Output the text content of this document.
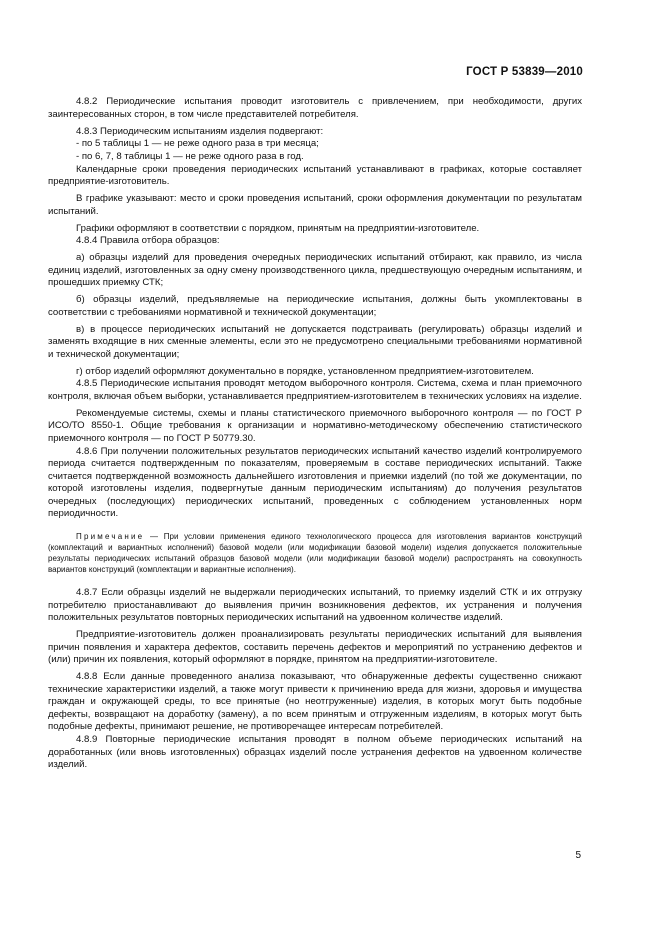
ГОСТ Р 53839—2010

4.8.2 Периодические испытания проводит изготовитель с привлечением, при необходимости, других заинтересованных сторон, в том числе представителей потребителя.

4.8.3 Периодическим испытаниям изделия подвергают:

- по 5 таблицы 1 — не реже одного раза в три месяца;

- по 6, 7, 8 таблицы 1 — не реже одного раза в год.

Календарные сроки проведения периодических испытаний устанавливают в графиках, которые составляет предприятие-изготовитель.

В графике указывают: место и сроки проведения испытаний, сроки оформления документации по результатам испытаний.

Графики оформляют в соответствии с порядком, принятым на предприятии-изготовителе.

4.8.4 Правила отбора образцов:

а) образцы изделий для проведения очередных периодических испытаний отбирают, как правило, из числа единиц изделий, изготовленных за одну смену производственного цикла, предшествующую очередным испытаниям, и прошедших приемку СТК;

б) образцы изделий, предъявляемые на периодические испытания, должны быть укомплектованы в соответствии с требованиями нормативной и технической документации;

в) в процессе периодических испытаний не допускается подстраивать (регулировать) образцы изделий и заменять входящие в них сменные элементы, если это не предусмотрено специальными требованиями нормативной и технической документации;

г) отбор изделий оформляют документально в порядке, установленном предприятием-изготовителем.

4.8.5 Периодические испытания проводят методом выборочного контроля. Система, схема и план приемочного контроля, включая объем выборки, устанавливается предприятием-изготовителем в технических условиях на изделие.

Рекомендуемые системы, схемы и планы статистического приемочного выборочного контроля — по ГОСТ Р ИСО/ТО 8550-1. Общие требования к организации и нормативно-методическому обеспечению статистического приемочного контроля — по ГОСТ Р 50779.30.

4.8.6 При получении положительных результатов периодических испытаний качество изделий контролируемого периода считается подтвержденным по показателям, проверяемым в составе периодических испытаний. Также считается подтвержденной возможность дальнейшего изготовления и приемки изделий (по той же документации, по которой изготовлены изделия, подвергнутые данным периодическим испытаниям) до получения результатов очередных (последующих) периодических испытаний, проведенных с соблюдением установленных норм периодичности.

Примечание — При условии применения единого технологического процесса для изготовления вариантов конструкций (комплектаций и вариантных исполнений) базовой модели (или модификации базовой модели) изделия допускается положительные результаты периодических испытаний образцов базовой модели (или модификации базовой модели) распространять на совокупность вариантов конструкций (комплектации и вариантные исполнения).

4.8.7 Если образцы изделий не выдержали периодических испытаний, то приемку изделий СТК и их отгрузку потребителю приостанавливают до выявления причин возникновения дефектов, их устранения и получения положительных результатов повторных периодических испытаний на удвоенном количестве изделий.

Предприятие-изготовитель должен проанализировать результаты периодических испытаний для выявления причин появления и характера дефектов, составить перечень дефектов и мероприятий по устранению дефектов и (или) причин их появления, который оформляют в порядке, принятом на предприятии-изготовителе.

4.8.8 Если данные проведенного анализа показывают, что обнаруженные дефекты существенно снижают технические характеристики изделий, а также могут привести к причинению вреда для жизни, здоровья и имущества граждан и окружающей среды, то все принятые (но неотгруженные) изделия, в которых могут быть подобные дефекты, возвращают на доработку (замену), а по всем принятым и отгруженным изделиям, в которых могут быть подобные дефекты, принимают решение, не противоречащее интересам потребителей.

4.8.9 Повторные периодические испытания проводят в полном объеме периодических испытаний на доработанных (или вновь изготовленных) образцах изделий после устранения дефектов на удвоенном количестве изделий.

5
